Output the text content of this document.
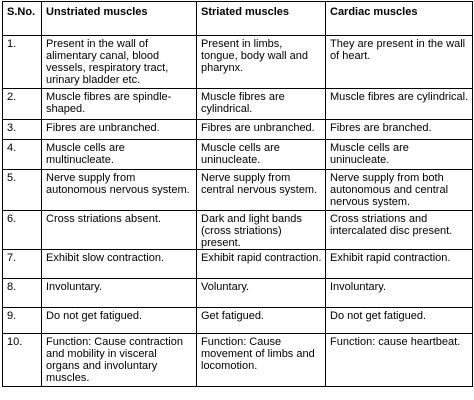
S.No.	Unstriated muscles	Striated muscles	Cardiac muscles
1.	Present in the wall of alimentary canal, blood vessels, respiratory tract, urinary bladder etc.	Present in limbs, tongue, body wall and pharynx.	They are present in the wall of heart.
2.	Muscle fibres are spindle-shaped.	Muscle fibres are cylindrical.	Muscle fibres are cylindrical.
3.	Fibres are unbranched.	Fibres are unbranched.	Fibres are branched.
4.	Muscle cells are multinucleate.	Muscle cells are uninucleate.	Muscle cells are uninucleate.
5.	Nerve supply from autonomous nervous system.	Nerve supply from central nervous system.	Nerve supply from both autonomous and central nervous system.
6.	Cross striations absent.	Dark and light bands (cross striations) present.	Cross striations and intercalated disc present.
7.	Exhibit slow contraction.	Exhibit rapid contraction.	Exhibit rapid contraction.
8.	Involuntary.	Voluntary.	Involuntary.
9.	Do not get fatigued.	Get fatigued.	Do not get fatigued.
10.	Function: Cause contraction and mobility in visceral organs and involuntary muscles.	Function: Cause movement of limbs and locomotion.	Function: cause heartbeat.
